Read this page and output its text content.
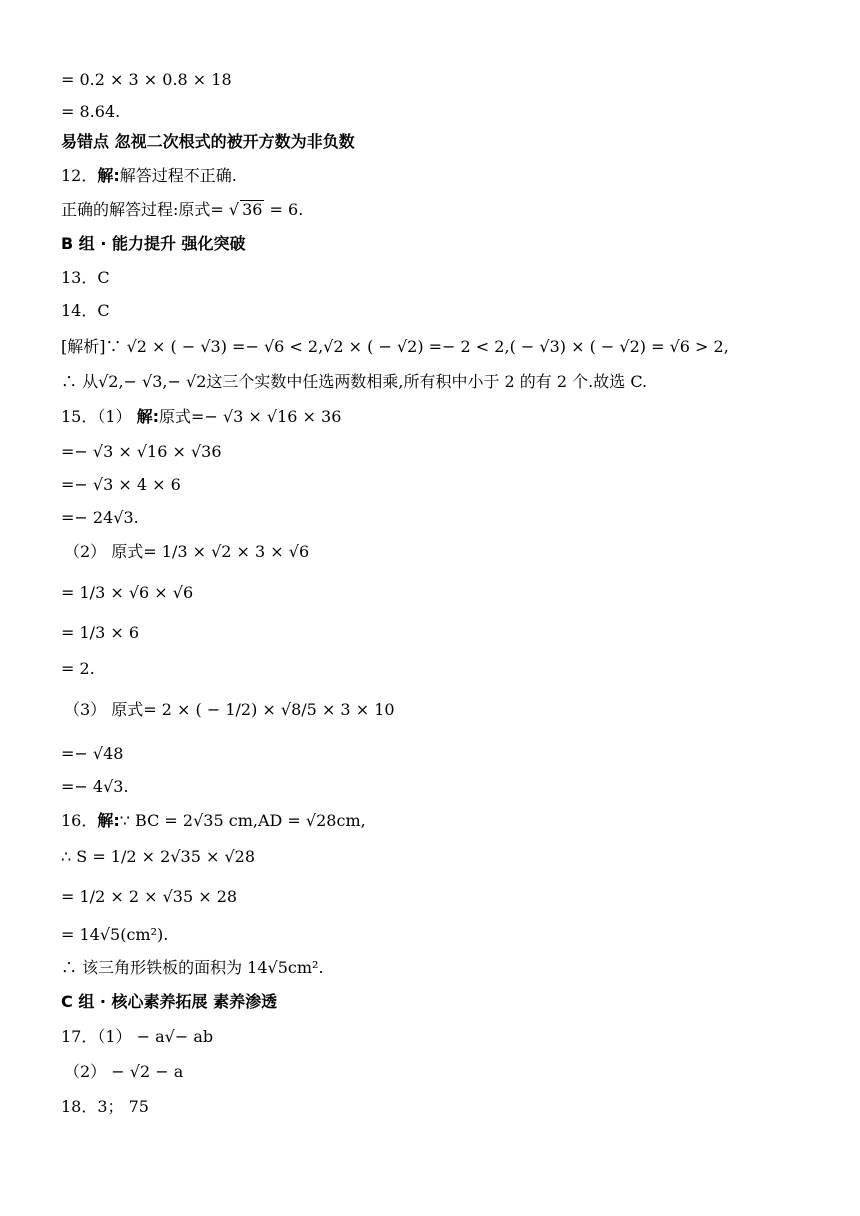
= 0.2 × 3 × 0.8 × 18
= 8.64.
易错点 忽视二次根式的被开方数为非负数
12．解:解答过程不正确.
正确的解答过程:原式= √ 36 = 6.
B 组 · 能力提升 强化突破
13．C
14．C
[解析]∵ √2 × ( − √3) =− √6 < 2,√2 × ( − √2) =− 2 < 2,( − √3) × ( − √2) = √6 > 2,
∴ 从√2,− √3,− √2这三个实数中任选两数相乘,所有积中小于 2 的有 2 个.故选 C.
15．（1） 解:原式=− √3 × √16 × 36
=− √3 × √16 × √36
=− √3 × 4 × 6
=− 24√3.
（2） 原式= 1/3 × √2 × 3 × √6
= 1/3 × √6 × √6
= 1/3 × 6
= 2.
（3） 原式= 2 × ( − 1/2) × √8/5 × 3 × 10
=− √48
=− 4√3.
16．解:∵ BC = 2√35 cm,AD = √28cm,
∴ S = 1/2 × 2√35 × √28
= 1/2 × 2 × √35 × 28
= 14√5(cm²).
∴ 该三角形铁板的面积为 14√5cm².
C 组 · 核心素养拓展 素养渗透
17．（1） − a√− ab
（2） − √2 − a
18．3； 75
